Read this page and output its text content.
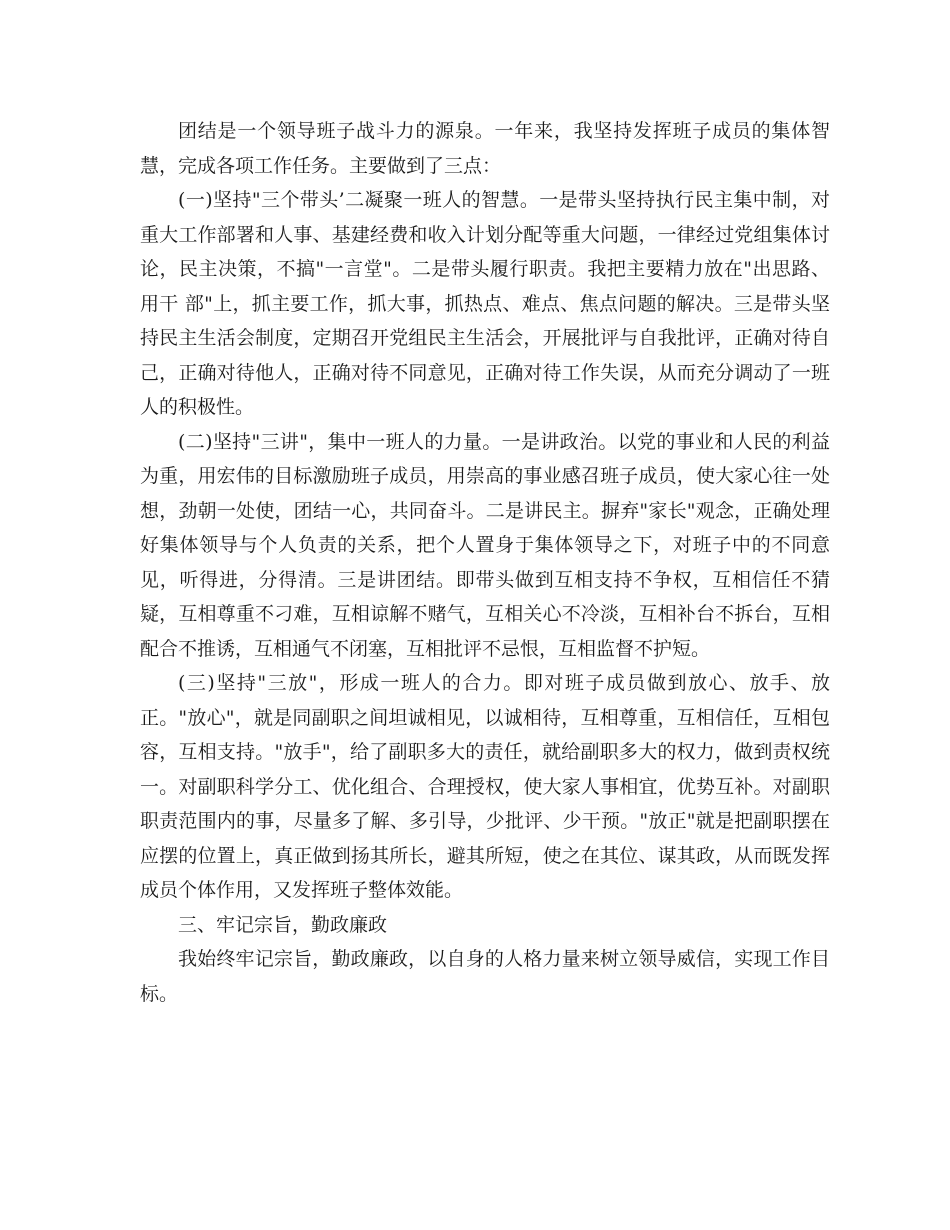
团结是一个领导班子战斗力的源泉。一年来，我坚持发挥班子成员的集体智慧，完成各项工作任务。主要做到了三点：

(一)坚持"三个带头’二凝聚一班人的智慧。一是带头坚持执行民主集中制，对重大工作部署和人事、基建经费和收入计划分配等重大问题，一律经过党组集体讨论，民主决策，不搞"一言堂"。二是带头履行职责。我把主要精力放在"出思路、用干 部"上，抓主要工作，抓大事，抓热点、难点、焦点问题的解决。三是带头坚持民主生活会制度，定期召开党组民主生活会，开展批评与自我批评，正确对待自己，正确对待他人，正确对待不同意见，正确对待工作失误，从而充分调动了一班人的积极性。

(二)坚持"三讲"，集中一班人的力量。一是讲政治。以党的事业和人民的利益为重，用宏伟的目标激励班子成员，用崇高的事业感召班子成员，使大家心往一处想，劲朝一处使，团结一心，共同奋斗。二是讲民主。摒弃"家长"观念，正确处理好集体领导与个人负责的关系，把个人置身于集体领导之下，对班子中的不同意见，听得进，分得清。三是讲团结。即带头做到互相支持不争权，互相信任不猜疑，互相尊重不刁难，互相谅解不赌气，互相关心不冷淡，互相补台不拆台，互相配合不推诱，互相通气不闭塞，互相批评不忌恨，互相监督不护短。

(三)坚持"三放"，形成一班人的合力。即对班子成员做到放心、放手、放正。"放心"，就是同副职之间坦诚相见，以诚相待，互相尊重，互相信任，互相包容，互相支持。"放手"，给了副职多大的责任，就给副职多大的权力，做到责权统一。对副职科学分工、优化组合、合理授权，使大家人事相宜，优势互补。对副职职责范围内的事，尽量多了解、多引导，少批评、少干预。"放正"就是把副职摆在应摆的位置上，真正做到扬其所长，避其所短，使之在其位、谋其政，从而既发挥成员个体作用，又发挥班子整体效能。

三、牢记宗旨，勤政廉政

我始终牢记宗旨，勤政廉政，以自身的人格力量来树立领导威信，实现工作目标。
